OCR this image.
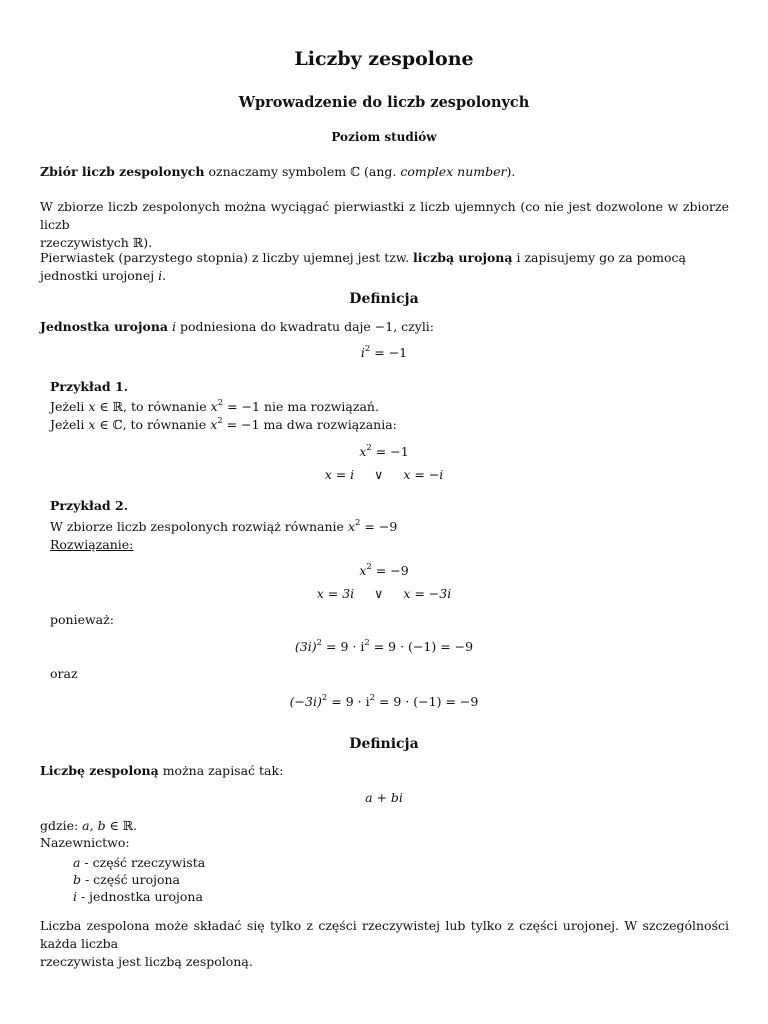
Liczby zespolone
Wprowadzenie do liczb zespolonych
Poziom studiów
Zbiór liczb zespolonych oznaczamy symbolem ℂ (ang. complex number).
W zbiorze liczb zespolonych można wyciągać pierwiastki z liczb ujemnych (co nie jest dozwolone w zbiorze liczb
rzeczywistych ℝ).
Pierwiastek (parzystego stopnia) z liczby ujemnej jest tzw. liczbą urojoną i zapisujemy go za pomocą jednostki urojonej i.
Definicja
Jednostka urojona i podniesiona do kwadratu daje −1, czyli:
$i^2 = -1$
Przykład 1.
Jeżeli x ∈ ℝ, to równanie $x^2 = -1$ nie ma rozwiązań.
Jeżeli x ∈ ℂ, to równanie $x^2 = -1$ ma dwa rozwiązania:
$x^2 = -1$
x = i ∨ x = −i
Przykład 2.
W zbiorze liczb zespolonych rozwiąż równanie $x^2 = -9$
Rozwiązanie:
$x^2 = -9$
x = 3i ∨ x = −3i
ponieważ:
$(3i)^2 = 9 \cdot i^2 = 9 \cdot (-1) = -9$
oraz
$(-3i)^2 = 9 \cdot i^2 = 9 \cdot (-1) = -9$
Definicja
Liczbę zespoloną można zapisać tak:
a + bi
gdzie: a, b ∈ ℝ.
Nazewnictwo:
a - część rzeczywista
b - część urojona
i - jednostka urojona
Liczba zespolona może składać się tylko z części rzeczywistej lub tylko z części urojonej. W szczególności każda liczba
rzeczywista jest liczbą zespoloną.
